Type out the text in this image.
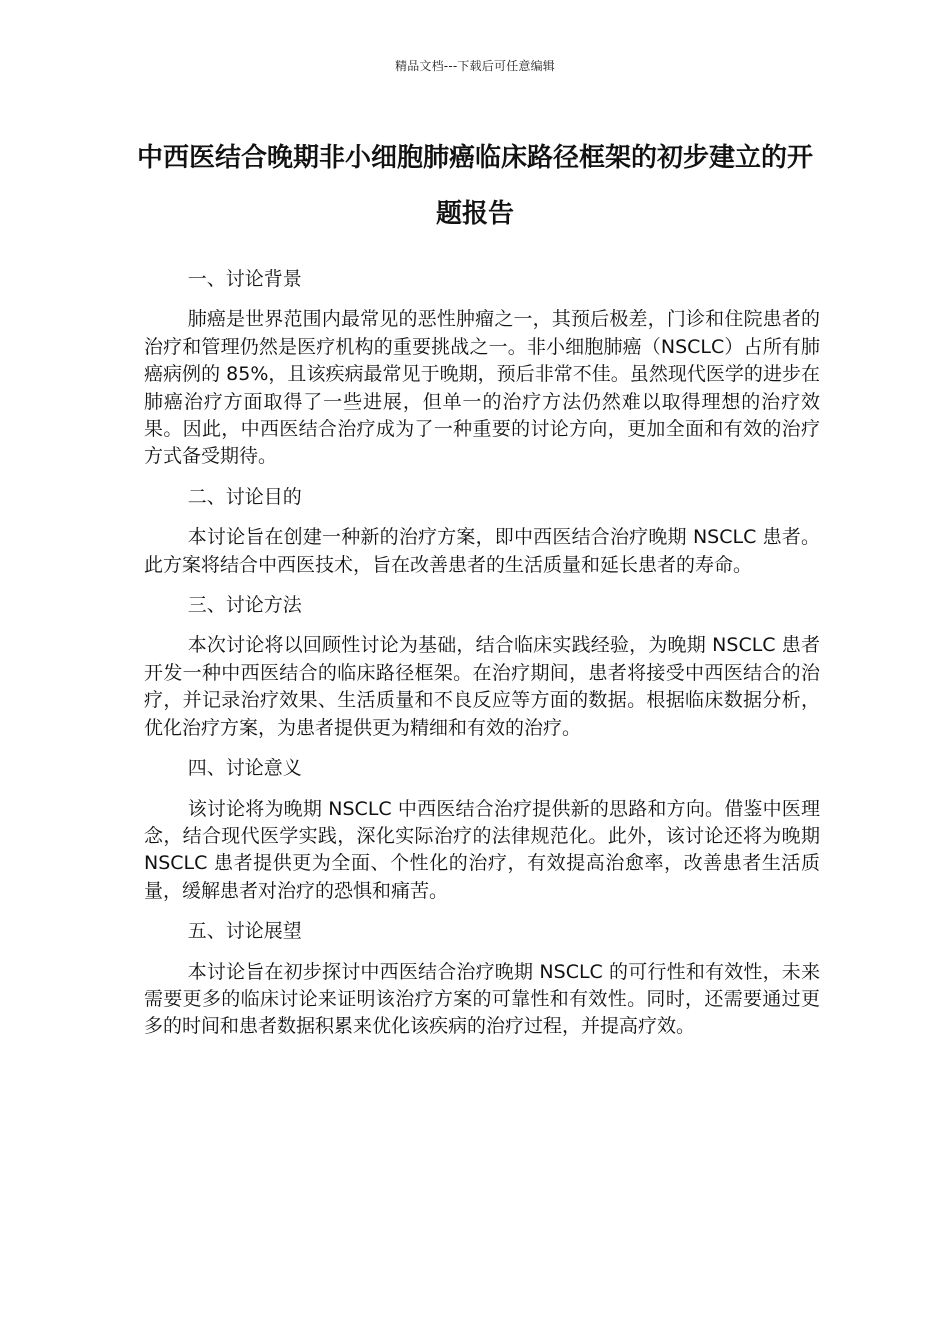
精品文档---下载后可任意编辑
中西医结合晚期非小细胞肺癌临床路径框架的初步建立的开题报告

一、讨论背景

肺癌是世界范围内最常见的恶性肿瘤之一，其预后极差，门诊和住院患者的治疗和管理仍然是医疗机构的重要挑战之一。非小细胞肺癌（NSCLC）占所有肺癌病例的 85%，且该疾病最常见于晚期，预后非常不佳。虽然现代医学的进步在肺癌治疗方面取得了一些进展，但单一的治疗方法仍然难以取得理想的治疗效果。因此，中西医结合治疗成为了一种重要的讨论方向，更加全面和有效的治疗方式备受期待。

二、讨论目的

本讨论旨在创建一种新的治疗方案，即中西医结合治疗晚期 NSCLC 患者。此方案将结合中西医技术，旨在改善患者的生活质量和延长患者的寿命。

三、讨论方法

本次讨论将以回顾性讨论为基础，结合临床实践经验，为晚期 NSCLC 患者开发一种中西医结合的临床路径框架。在治疗期间，患者将接受中西医结合的治疗，并记录治疗效果、生活质量和不良反应等方面的数据。根据临床数据分析，优化治疗方案，为患者提供更为精细和有效的治疗。

四、讨论意义

该讨论将为晚期 NSCLC 中西医结合治疗提供新的思路和方向。借鉴中医理念，结合现代医学实践，深化实际治疗的法律规范化。此外，该讨论还将为晚期 NSCLC 患者提供更为全面、个性化的治疗，有效提高治愈率，改善患者生活质量，缓解患者对治疗的恐惧和痛苦。

五、讨论展望

本讨论旨在初步探讨中西医结合治疗晚期 NSCLC 的可行性和有效性，未来需要更多的临床讨论来证明该治疗方案的可靠性和有效性。同时，还需要通过更多的时间和患者数据积累来优化该疾病的治疗过程，并提高疗效。
